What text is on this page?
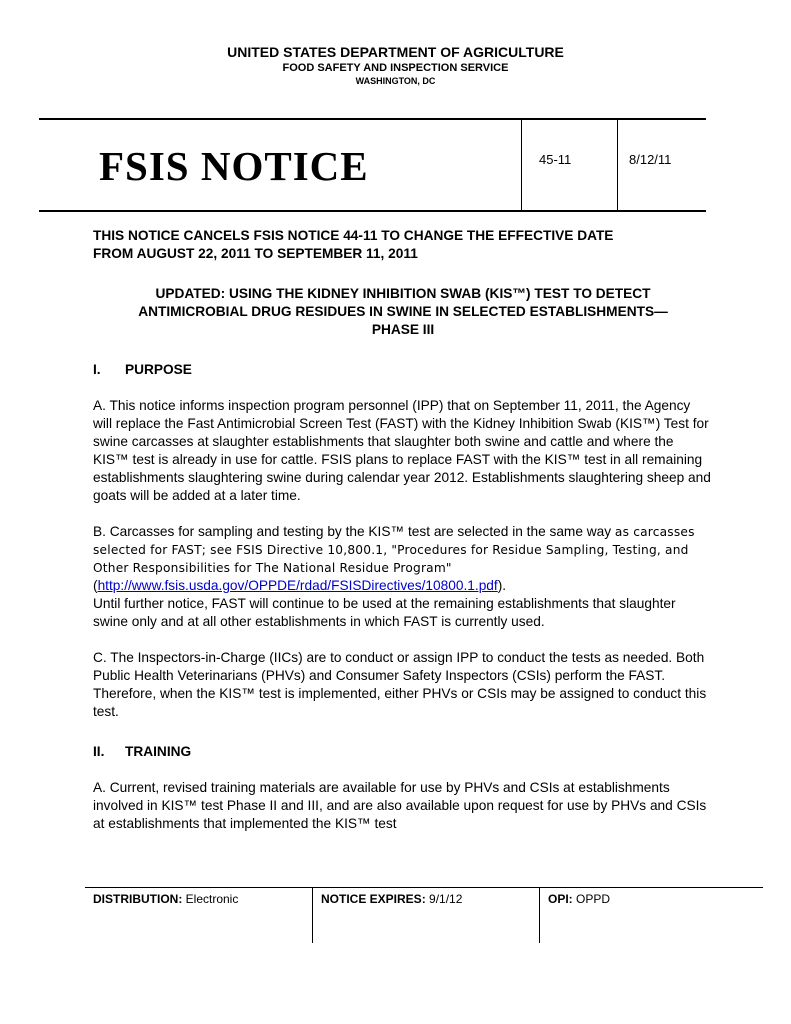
UNITED STATES DEPARTMENT OF AGRICULTURE
FOOD SAFETY AND INSPECTION SERVICE
WASHINGTON, DC
FSIS NOTICE	45-11	8/12/11

THIS NOTICE CANCELS FSIS NOTICE 44-11 TO CHANGE THE EFFECTIVE DATE
FROM AUGUST 22, 2011 TO SEPTEMBER 11, 2011

UPDATED: USING THE KIDNEY INHIBITION SWAB (KIS™) TEST TO DETECT
ANTIMICROBIAL DRUG RESIDUES IN SWINE IN SELECTED ESTABLISHMENTS—
PHASE III

I. PURPOSE

A. This notice informs inspection program personnel (IPP) that on September 11, 2011, the Agency will replace the Fast Antimicrobial Screen Test (FAST) with the Kidney Inhibition Swab (KIS™) Test for swine carcasses at slaughter establishments that slaughter both swine and cattle and where the KIS™ test is already in use for cattle. FSIS plans to replace FAST with the KIS™ test in all remaining establishments slaughtering swine during calendar year 2012. Establishments slaughtering sheep and goats will be added at a later time.

B. Carcasses for sampling and testing by the KIS™ test are selected in the same way as carcasses selected for FAST; see FSIS Directive 10,800.1, "Procedures for Residue Sampling, Testing, and Other Responsibilities for The National Residue Program" (http://www.fsis.usda.gov/OPPDE/rdad/FSISDirectives/10800.1.pdf).
Until further notice, FAST will continue to be used at the remaining establishments that slaughter swine only and at all other establishments in which FAST is currently used.

C. The Inspectors-in-Charge (IICs) are to conduct or assign IPP to conduct the tests as needed. Both Public Health Veterinarians (PHVs) and Consumer Safety Inspectors (CSIs) perform the FAST. Therefore, when the KIS™ test is implemented, either PHVs or CSIs may be assigned to conduct this test.

II. TRAINING

A. Current, revised training materials are available for use by PHVs and CSIs at establishments involved in KIS™ test Phase II and III, and are also available upon request for use by PHVs and CSIs at establishments that implemented the KIS™ test

DISTRIBUTION: Electronic	NOTICE EXPIRES: 9/1/12	OPI: OPPD
